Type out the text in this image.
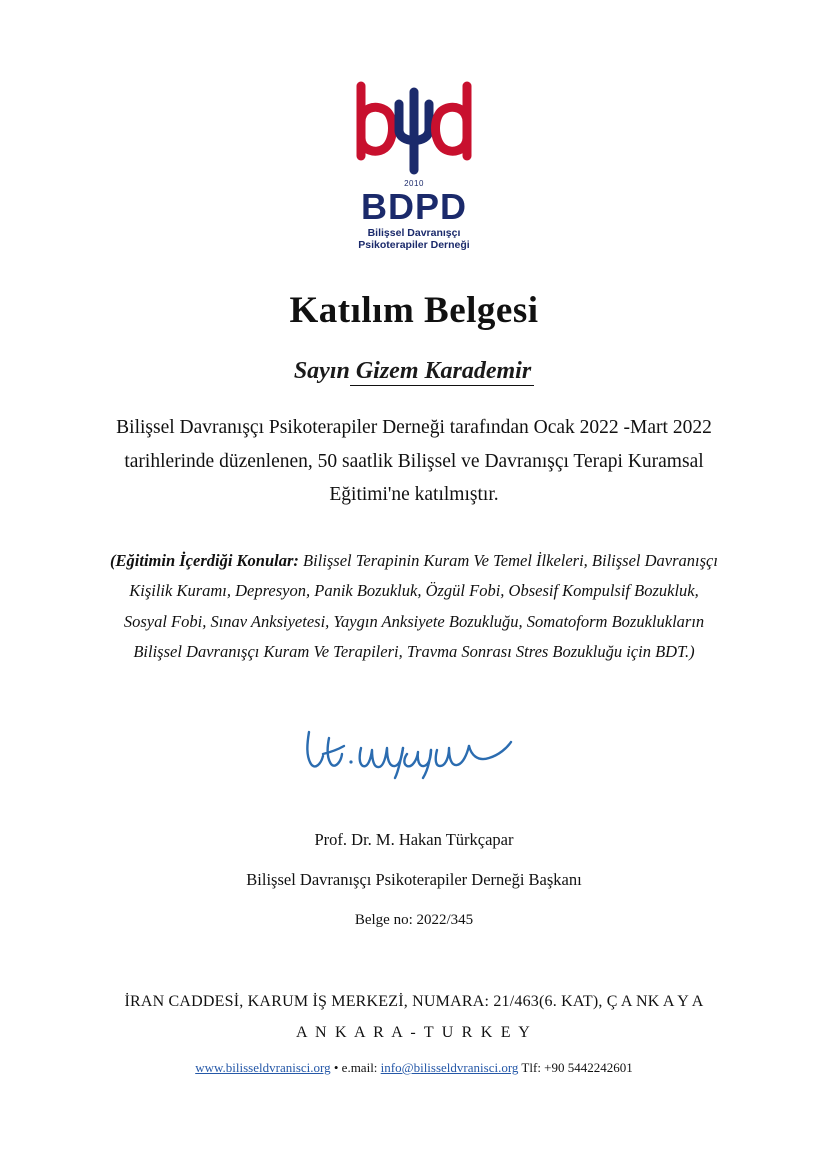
2010
BDPD
Bilişsel Davranışçı
Psikoterapiler Derneği
Katılım Belgesi
Sayın Gizem Karademir
Bilişsel Davranışçı Psikoterapiler Derneği tarafından Ocak 2022 -Mart 2022 tarihlerinde düzenlenen, 50 saatlik Bilişsel ve Davranışçı Terapi Kuramsal Eğitimi'ne katılmıştır.
(Eğitimin İçerdiği Konular: Bilişsel Terapinin Kuram Ve Temel İlkeleri, Bilişsel Davranışçı Kişilik Kuramı, Depresyon, Panik Bozukluk, Özgül Fobi, Obsesif Kompulsif Bozukluk, Sosyal Fobi, Sınav Anksiyetesi, Yaygın Anksiyete Bozukluğu, Somatoform Bozuklukların Bilişsel Davranışçı Kuram Ve Terapileri, Travma Sonrası Stres Bozukluğu için BDT.)
Prof. Dr. M. Hakan Türkçapar
Bilişsel Davranışçı Psikoterapiler Derneği Başkanı
Belge no: 2022/345
İRAN CADDESİ, KARUM İŞ MERKEZİ, NUMARA: 21/463(6. KAT), Ç A NK A Y A
A N K A R A - T U R K E Y
www.bilisseldvranisci.org • e.mail: info@bilisseldvranisci.org Tlf: +90 5442242601
